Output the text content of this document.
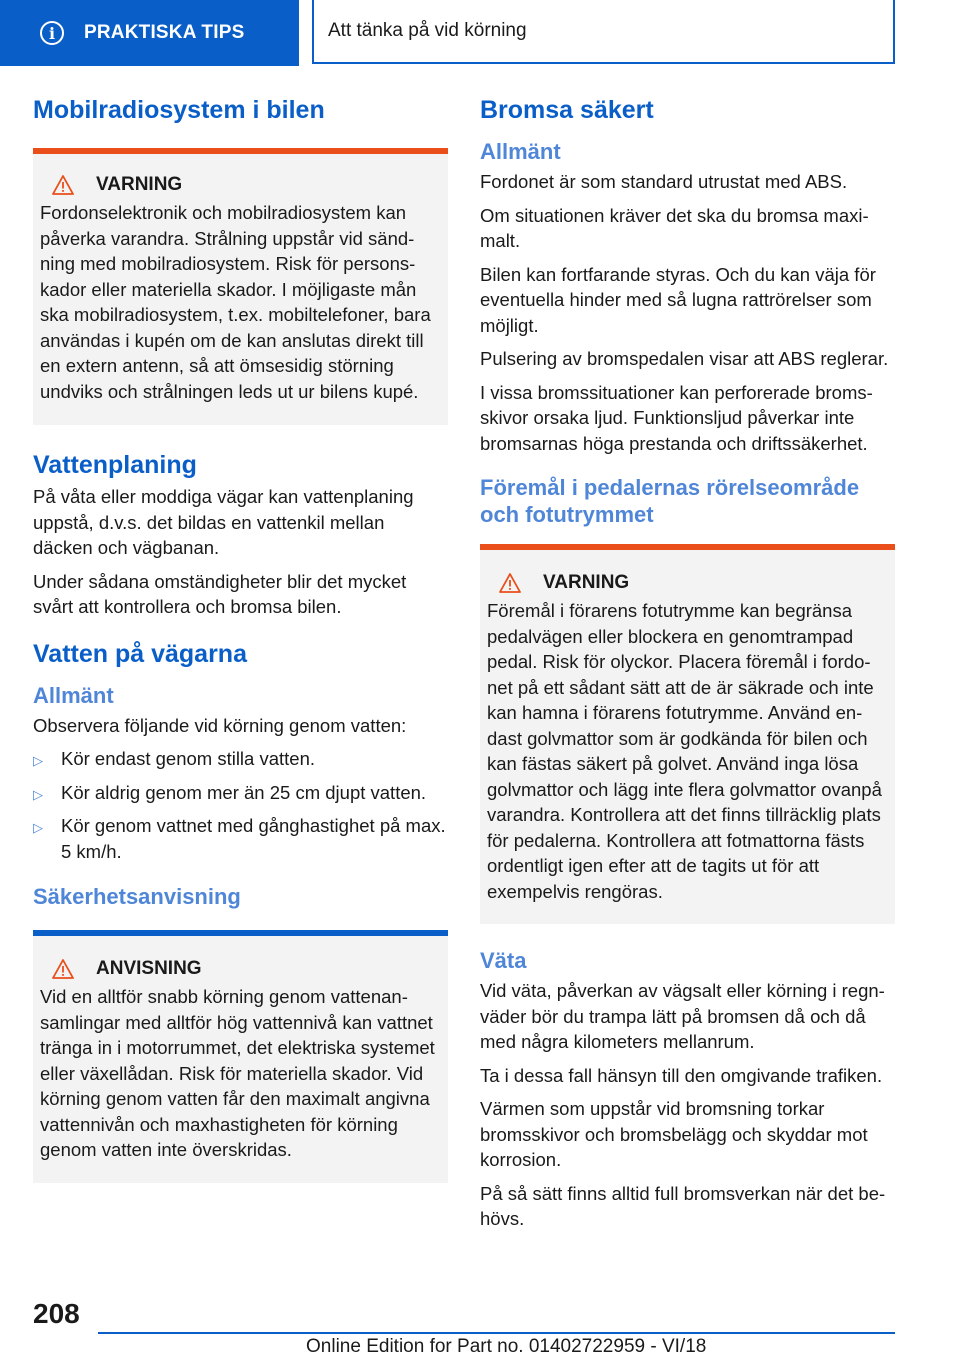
i	PRAKTISKA TIPS	Att tänka på vid körning
Mobilradiosystem i bilen
VARNING

Fordonselektronik och mobilradiosystem kan påverka varandra. Strålning uppstår vid sändning med mobilradiosystem. Risk för personskador eller materiella skador. I möjligaste mån ska mobilradiosystem, t.ex. mobiltelefoner, bara användas i kupén om de kan anslutas direkt till en extern antenn, så att ömsesidig störning undviks och strålningen leds ut ur bilens kupé.

Vattenplaning

På våta eller moddiga vägar kan vattenplaning uppstå, d.v.s. det bildas en vattenkil mellan däcken och vägbanan.

Under sådana omständigheter blir det mycket svårt att kontrollera och bromsa bilen.

Vatten på vägarna
Allmänt

Observera följande vid körning genom vatten:

▷ Kör endast genom stilla vatten.
▷ Kör aldrig genom mer än 25 cm djupt vatten.
▷ Kör genom vattnet med gånghastighet på max. 5 km/h.
Säkerhetsanvisning
ANVISNING

Vid en alltför snabb körning genom vattenansamlingar med alltför hög vattennivå kan vattnet tränga in i motorrummet, det elektriska systemet eller växellådan. Risk för materiella skador. Vid körning genom vatten får den maximalt angivna vattennivån och maxhastigheten för körning genom vatten inte överskridas.

Bromsa säkert
Allmänt

Fordonet är som standard utrustat med ABS.

Om situationen kräver det ska du bromsa maximalt.

Bilen kan fortfarande styras. Och du kan väja för eventuella hinder med så lugna rattrörelser som möjligt.

Pulsering av bromspedalen visar att ABS reglerar.

I vissa bromssituationer kan perforerade bromsskivor orsaka ljud. Funktionsljud påverkar inte bromsarnas höga prestanda och driftssäkerhet.

Föremål i pedalernas rörelseområde och fotutrymmet
VARNING

Föremål i förarens fotutrymme kan begränsa pedalvägen eller blockera en genomtrampad pedal. Risk för olyckor. Placera föremål i fordonet på ett sådant sätt att de är säkrade och inte kan hamna i förarens fotutrymme. Använd endast golvmattor som är godkända för bilen och kan fästas säkert på golvet. Använd inga lösa golvmattor och lägg inte flera golvmattor ovanpå varandra. Kontrollera att det finns tillräcklig plats för pedalerna. Kontrollera att fotmattorna fästs ordentligt igen efter att de tagits ut för att exempelvis rengöras.

Väta

Vid väta, påverkan av vägsalt eller körning i regnväder bör du trampa lätt på bromsen då och då med några kilometers mellanrum.

Ta i dessa fall hänsyn till den omgivande trafiken.

Värmen som uppstår vid bromsning torkar bromsskivor och bromsbelägg och skyddar mot korrosion.

På så sätt finns alltid full bromsverkan när det behövs.

208
Online Edition for Part no. 01402722959 - VI/18
